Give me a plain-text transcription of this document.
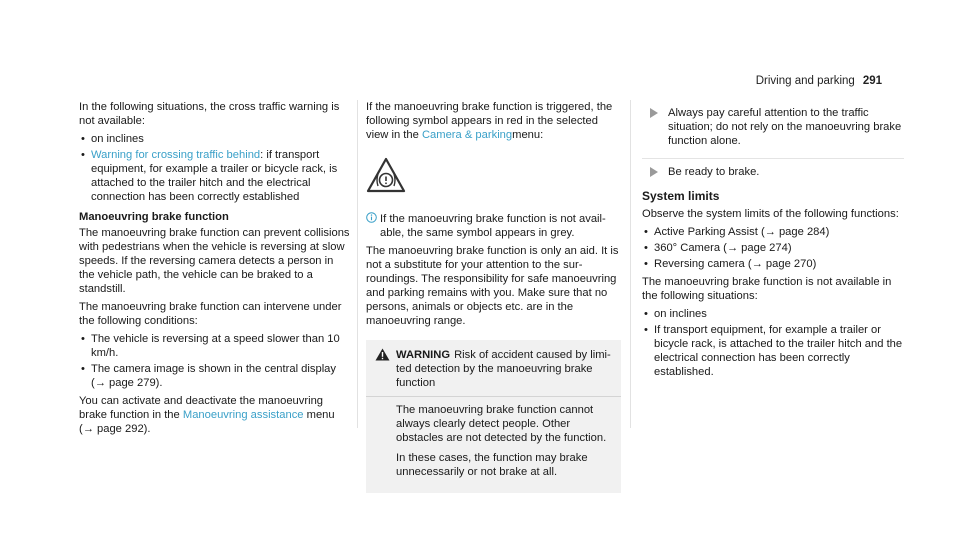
Driving and parking 291

In the following situations, the cross traffic warning is not available:

• on inclines
• Warning for crossing traffic behind: if transport equipment, for example a trailer or bicycle rack, is attached to the trailer hitch and the electrical connection has been correctly established
Manoeuvring brake function

The manoeuvring brake function can prevent collisions with pedestrians when the vehicle is reversing at slow speeds. If the reversing camera detects a person in the vehicle path, the vehicle can be braked to a standstill.

The manoeuvring brake function can intervene under the following conditions:

• The vehicle is reversing at a speed slower than 10 km/h.
• The camera image is shown in the central display (→ page 279).

You can activate and deactivate the manoeuvring brake function in the Manoeuvring assistance menu (→ page 292).

If the manoeuvring brake function is triggered, the following symbol appears in red in the selected view in the Camera & parkingmenu:

If the manoeuvring brake function is not available, the same symbol appears in grey.

The manoeuvring brake function is only an aid. It is not a substitute for your attention to the surroundings. The responsibility for safe manoeuvring and parking remains with you. Make sure that no persons, animals or objects etc. are in the manoeuvring range.

WARNING Risk of accident caused by limited detection by the manoeuvring brake function

The manoeuvring brake function cannot always clearly detect people. Other obstacles are not detected by the function.

In these cases, the function may brake unnecessarily or not brake at all.

Always pay careful attention to the traffic situation; do not rely on the manoeuvring brake function alone.
Be ready to brake.
System limits

Observe the system limits of the following functions:

• Active Parking Assist (→ page 284)
• 360° Camera (→ page 274)
• Reversing camera (→ page 270)

The manoeuvring brake function is not available in the following situations:

• on inclines
• If transport equipment, for example a trailer or bicycle rack, is attached to the trailer hitch and the electrical connection has been correctly established.
